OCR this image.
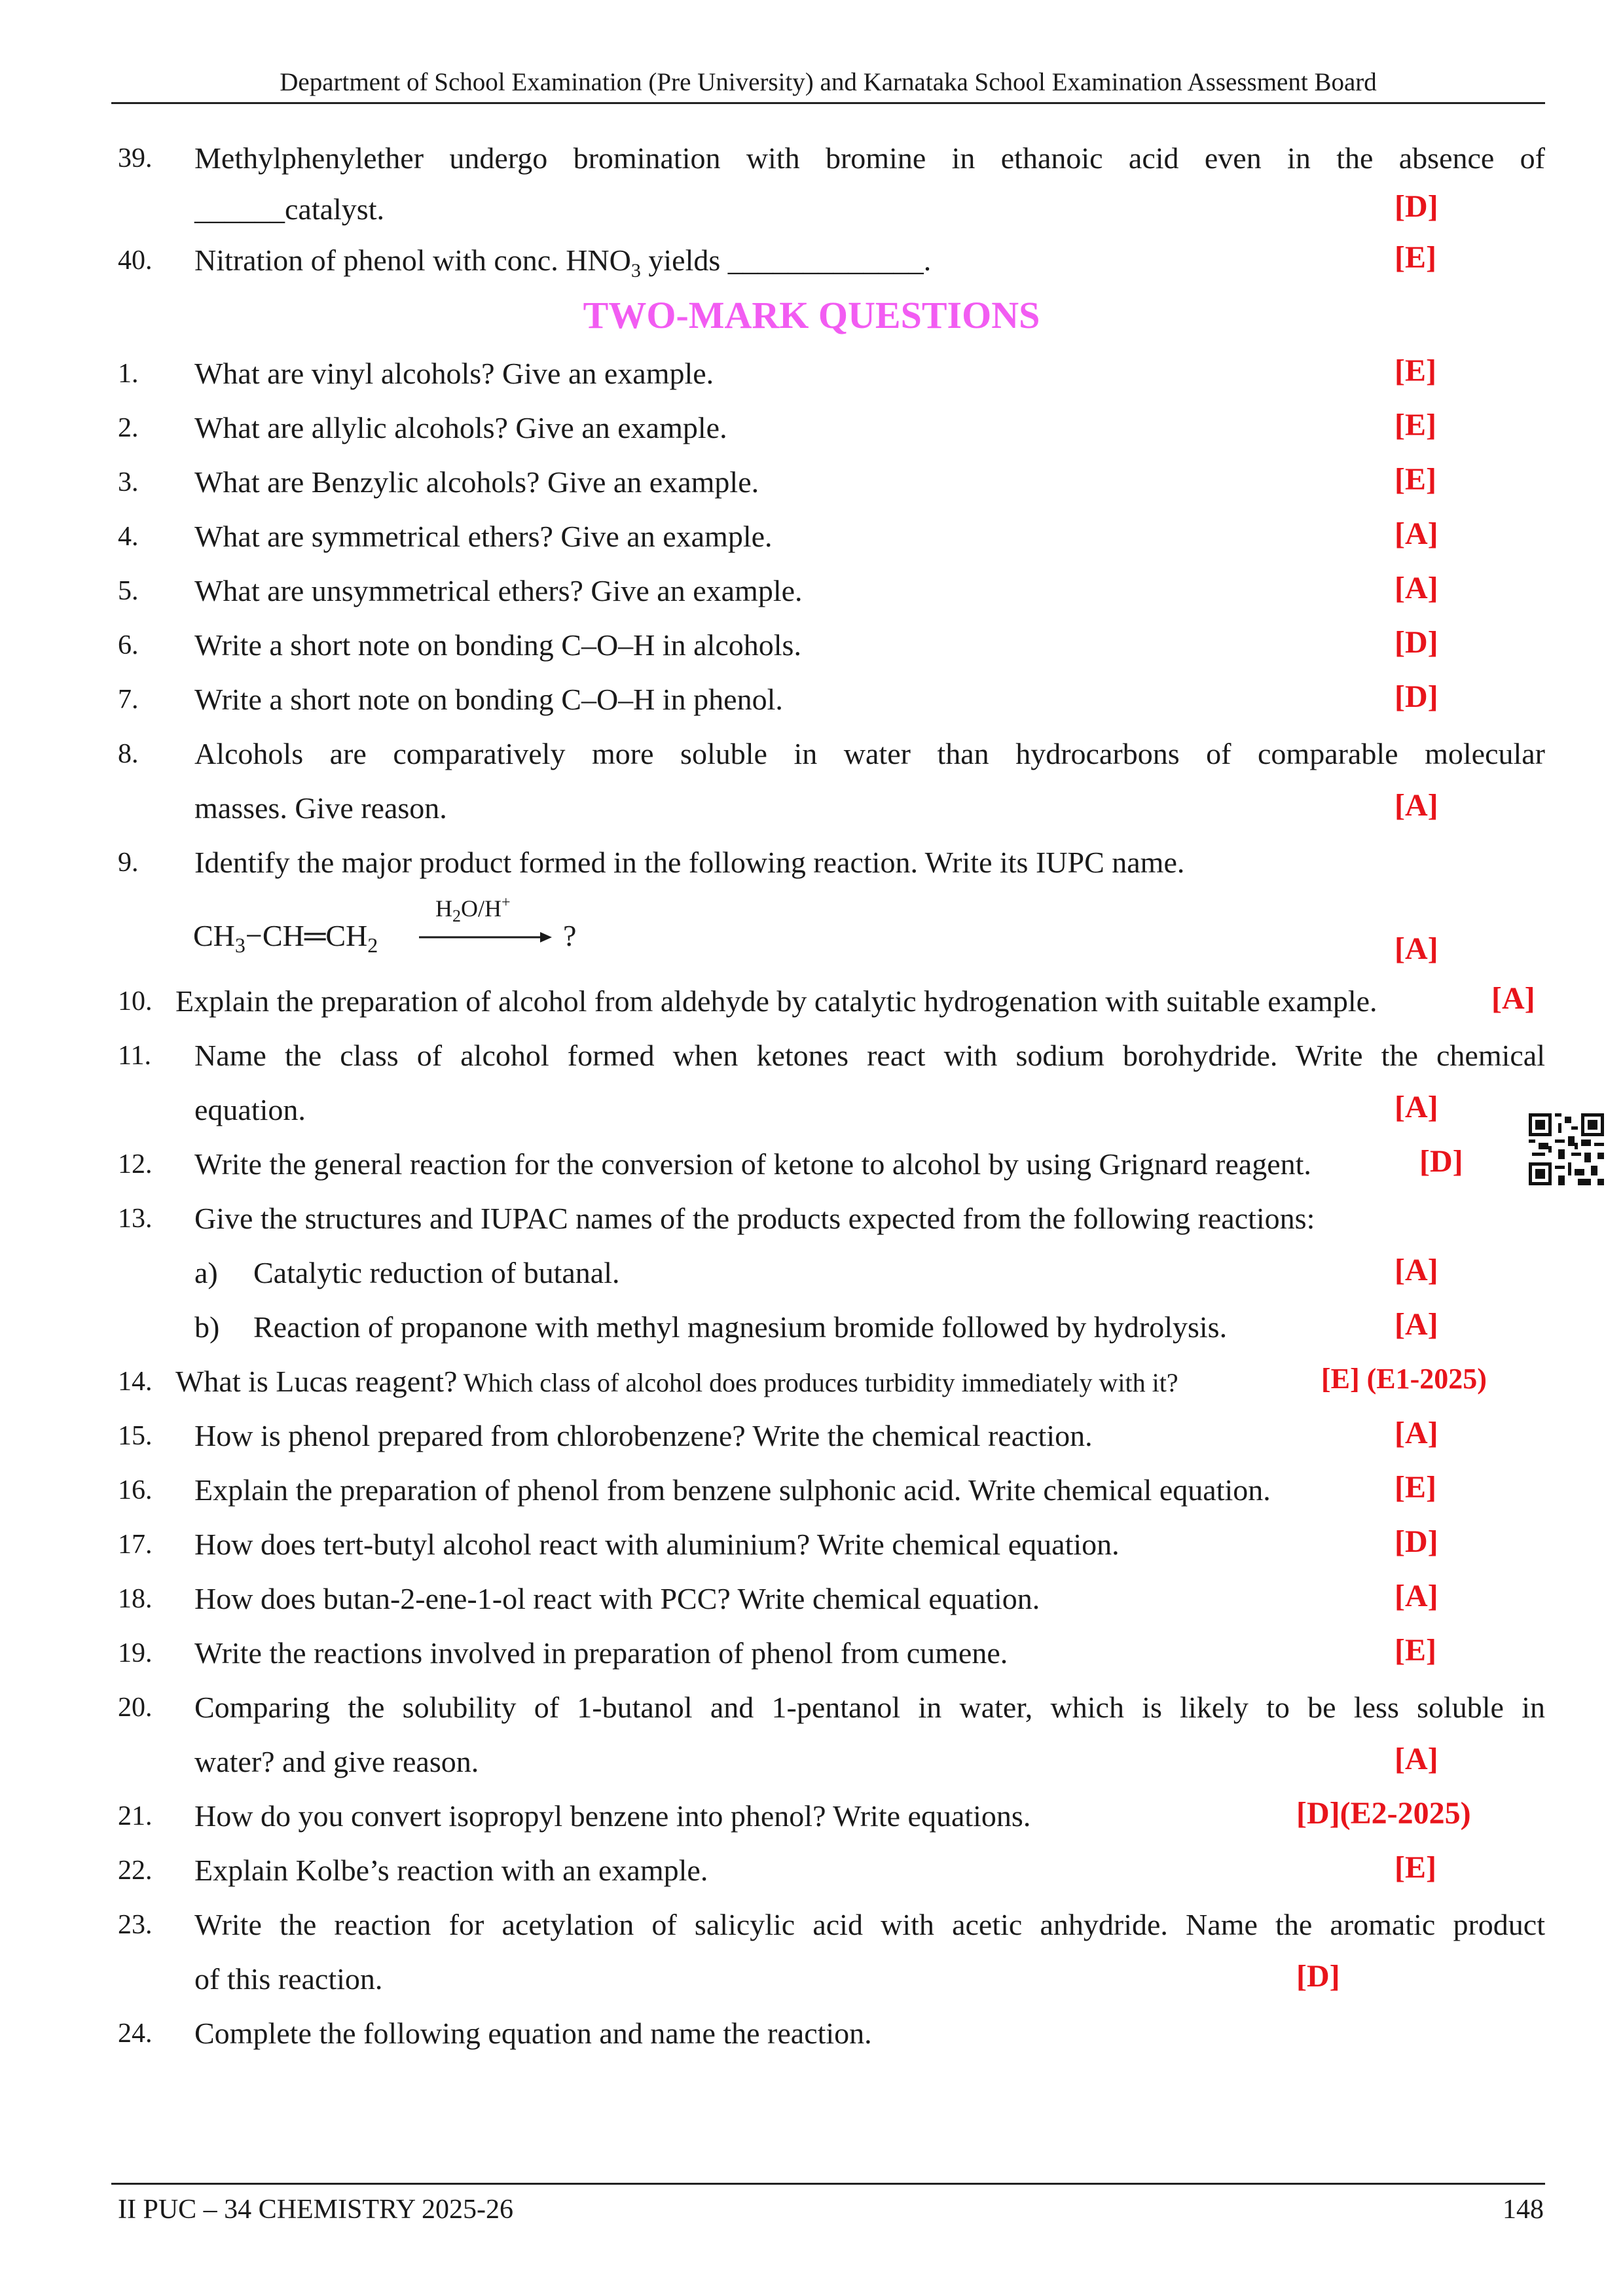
Department of School Examination (Pre University) and Karnataka School Examination Assessment Board
39. Methylphenylether undergo bromination with bromine in ethanoic acid even in the absence of
______catalyst.	[D]
40. Nitration of phenol with conc. $HNO_3$ yields _____________.	[E]
TWO-MARK QUESTIONS
1. What are vinyl alcohols? Give an example.	[E]
2. What are allylic alcohols? Give an example.	[E]
3. What are Benzylic alcohols? Give an example.	[E]
4. What are symmetrical ethers? Give an example.	[A]
5. What are unsymmetrical ethers? Give an example.	[A]
6. Write a short note on bonding C–O–H in alcohols.	[D]
7. Write a short note on bonding C–O–H in phenol.	[D]
8. Alcohols are comparatively more soluble in water than hydrocarbons of comparable molecular
masses. Give reason.	[A]
9. Identify the major product formed in the following reaction. Write its IUPC name.
$CH_3-CH═CH_2$
$H_2O/H^+$
?	[A]
10. Explain the preparation of alcohol from aldehyde by catalytic hydrogenation with suitable example.	[A]
11. Name the class of alcohol formed when ketones react with sodium borohydride. Write the chemical
equation.	[A]
12. Write the general reaction for the conversion of ketone to alcohol by using Grignard reagent.	[D]
13. Give the structures and IUPAC names of the products expected from the following reactions:
a)	Catalytic reduction of butanal.	[A]
b)	Reaction of propanone with methyl magnesium bromide followed by hydrolysis.	[A]
14. What is Lucas reagent? Which class of alcohol does produces turbidity immediately with it?	[E] (E1-2025)
15. How is phenol prepared from chlorobenzene? Write the chemical reaction.	[A]
16. Explain the preparation of phenol from benzene sulphonic acid. Write chemical equation.	[E]
17. How does tert-butyl alcohol react with aluminium? Write chemical equation.	[D]
18. How does butan-2-ene-1-ol react with PCC? Write chemical equation.	[A]
19. Write the reactions involved in preparation of phenol from cumene.	[E]
20. Comparing the solubility of 1-butanol and 1-pentanol in water, which is likely to be less soluble in
water? and give reason.	[A]
21. How do you convert isopropyl benzene into phenol? Write equations.	[D](E2-2025)
22. Explain Kolbe’s reaction with an example.	[E]
23. Write the reaction for acetylation of salicylic acid with acetic anhydride. Name the aromatic product
of this reaction.	[D]
24. Complete the following equation and name the reaction.
II PUC – 34 CHEMISTRY 2025-26	148
